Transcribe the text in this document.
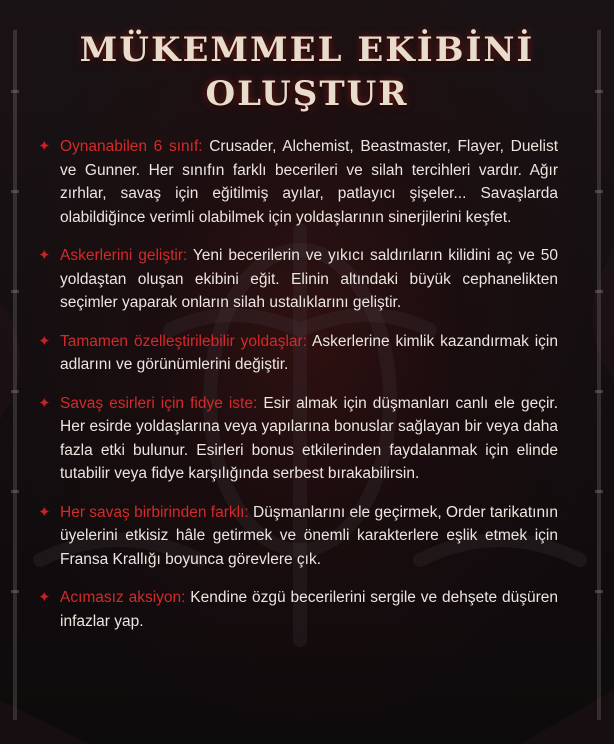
MÜKEMMEL EKİBİNİ
OLUŞTUR
✦ Oynanabilen 6 sınıf: Crusader, Alchemist, Beastmaster, Flayer, Duelist ve Gunner. Her sınıfın farklı becerileri ve silah tercihleri vardır. Ağır zırhlar, savaş için eğitilmiş ayılar, patlayıcı şişeler... Savaşlarda olabildiğince verimli olabilmek için yoldaşlarının sinerjilerini keşfet.
✦ Askerlerini geliştir: Yeni becerilerin ve yıkıcı saldırıların kilidini aç ve 50 yoldaştan oluşan ekibini eğit. Elinin altındaki büyük cephanelikten seçimler yaparak onların silah ustalıklarını geliştir.
✦ Tamamen özelleştirilebilir yoldaşlar: Askerlerine kimlik kazandırmak için adlarını ve görünümlerini değiştir.
✦ Savaş esirleri için fidye iste: Esir almak için düşmanları canlı ele geçir. Her esirde yoldaşlarına veya yapılarına bonuslar sağlayan bir veya daha fazla etki bulunur. Esirleri bonus etkilerinden faydalanmak için elinde tutabilir veya fidye karşılığında serbest bırakabilirsin.
✦ Her savaş birbirinden farklı: Düşmanlarını ele geçirmek, Order tarikatının üyelerini etkisiz hâle getirmek ve önemli karakterlere eşlik etmek için Fransa Krallığı boyunca görevlere çık.
✦ Acımasız aksiyon: Kendine özgü becerilerini sergile ve dehşete düşüren infazlar yap.
